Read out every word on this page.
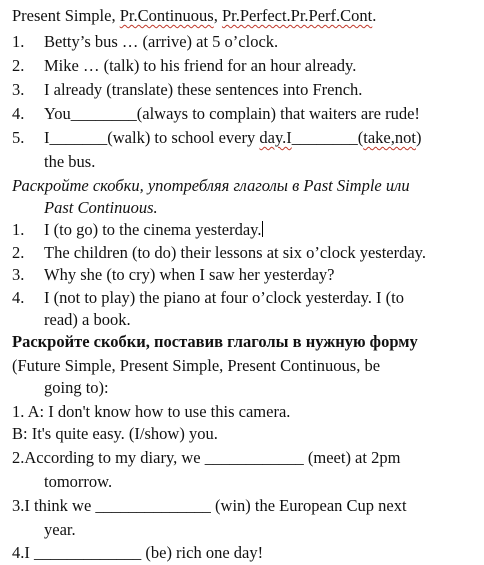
Present Simple, Pr.Continuous, Pr.Perfect.Pr.Perf.Cont.
1. Betty’s bus … (arrive) at 5 o’clock.
2. Mike … (talk) to his friend for an hour already.
3. I already (translate) these sentences into French.
4. You________(always to complain) that waiters are rude!
5. I_______(walk) to school every day.I________(take,not)
the bus.
Раскройте скобки, употребляя глаголы в Past Simple или
Past Continuous.
1. I (to go) to the cinema yesterday.
2. The children (to do) their lessons at six o’clock yesterday.
3. Why she (to cry) when I saw her yesterday?
4. I (not to play) the piano at four o’clock yesterday. I (to
read) a book.
Раскройте скобки, поставив глаголы в нужную форму
(Future Simple, Present Simple, Present Continuous, be
going to):
1. A: I don't know how to use this camera.
B: It's quite easy. (I/show) you.
2.According to my diary, we ____________ (meet) at 2pm
tomorrow.
3.I think we ______________ (win) the European Cup next
year.
4.I _____________ (be) rich one day!
